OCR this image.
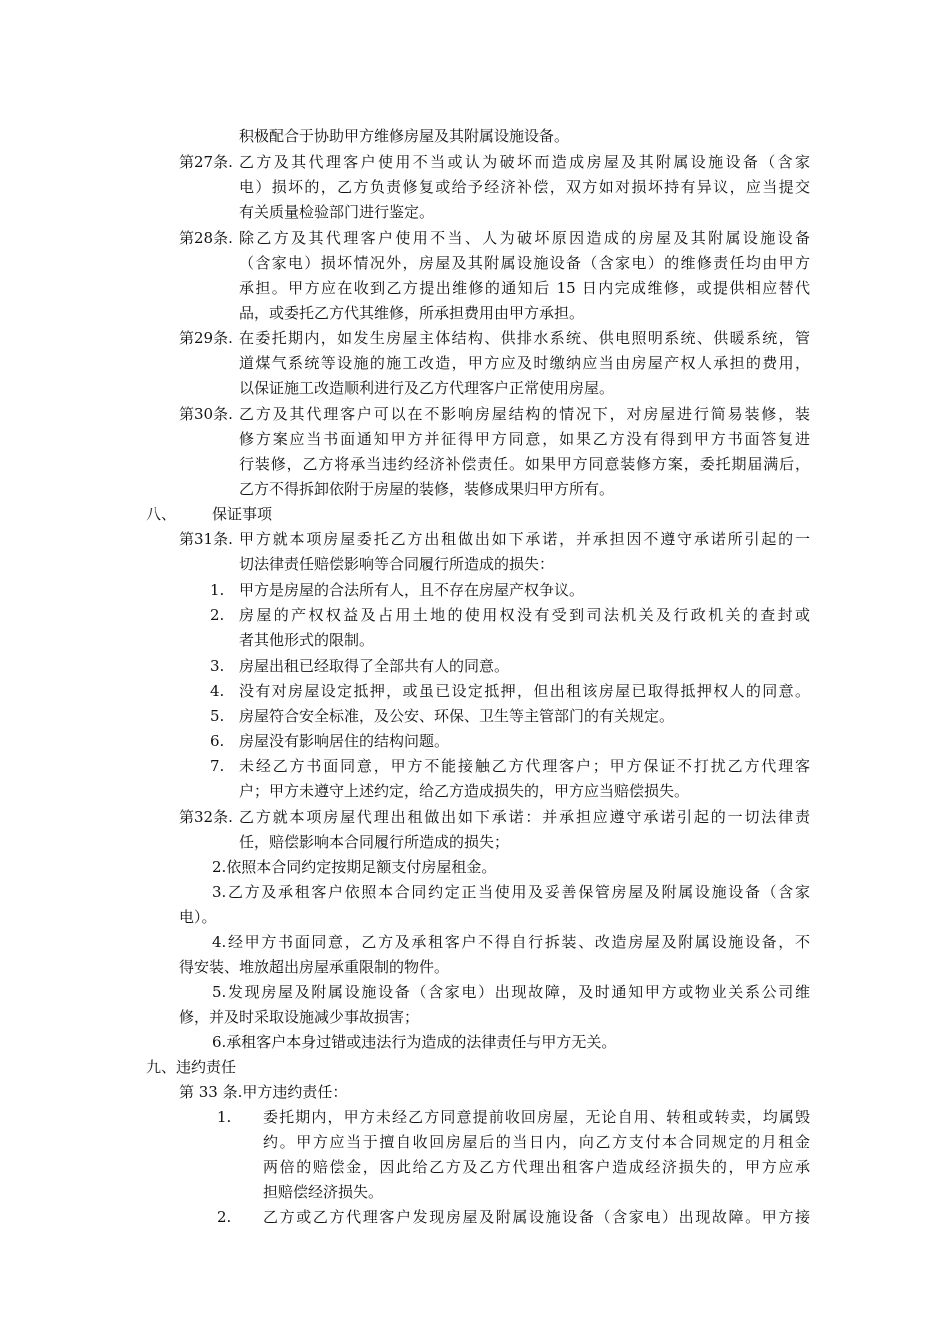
积极配合于协助甲方维修房屋及其附属设施设备。
第27条. 乙方及其代理客户使用不当或认为破坏而造成房屋及其附属设施设备（含家
电）损坏的，乙方负责修复或给予经济补偿，双方如对损坏持有异议，应当提交
有关质量检验部门进行鉴定。
第28条. 除乙方及其代理客户使用不当、人为破坏原因造成的房屋及其附属设施设备
（含家电）损坏情况外，房屋及其附属设施设备（含家电）的维修责任均由甲方
承担。甲方应在收到乙方提出维修的通知后 15 日内完成维修，或提供相应替代
品，或委托乙方代其维修，所承担费用由甲方承担。
第29条. 在委托期内，如发生房屋主体结构、供排水系统、供电照明系统、供暖系统，管
道煤气系统等设施的施工改造，甲方应及时缴纳应当由房屋产权人承担的费用，
以保证施工改造顺利进行及乙方代理客户正常使用房屋。
第30条. 乙方及其代理客户可以在不影响房屋结构的情况下，对房屋进行简易装修，装
修方案应当书面通知甲方并征得甲方同意，如果乙方没有得到甲方书面答复进
行装修，乙方将承当违约经济补偿责任。如果甲方同意装修方案，委托期届满后，
乙方不得拆卸依附于房屋的装修，装修成果归甲方所有。
八、 保证事项
第31条. 甲方就本项房屋委托乙方出租做出如下承诺，并承担因不遵守承诺所引起的一
切法律责任赔偿影响等合同履行所造成的损失：
1. 甲方是房屋的合法所有人，且不存在房屋产权争议。
2. 房屋的产权权益及占用土地的使用权没有受到司法机关及行政机关的查封或
者其他形式的限制。
3. 房屋出租已经取得了全部共有人的同意。
4. 没有对房屋设定抵押，或虽已设定抵押，但出租该房屋已取得抵押权人的同意。
5. 房屋符合安全标准，及公安、环保、卫生等主管部门的有关规定。
6. 房屋没有影响居住的结构问题。
7. 未经乙方书面同意，甲方不能接触乙方代理客户；甲方保证不打扰乙方代理客
户；甲方未遵守上述约定，给乙方造成损失的，甲方应当赔偿损失。
第32条. 乙方就本项房屋代理出租做出如下承诺：并承担应遵守承诺引起的一切法律责
任，赔偿影响本合同履行所造成的损失；
2.依照本合同约定按期足额支付房屋租金。
3.乙方及承租客户依照本合同约定正当使用及妥善保管房屋及附属设施设备（含家
电）。
4.经甲方书面同意，乙方及承租客户不得自行拆装、改造房屋及附属设施设备，不
得安装、堆放超出房屋承重限制的物件。
5.发现房屋及附属设施设备（含家电）出现故障，及时通知甲方或物业关系公司维
修，并及时采取设施减少事故损害；
6.承租客户本身过错或违法行为造成的法律责任与甲方无关。
九、违约责任
第 33 条.甲方违约责任：
1. 委托期内，甲方未经乙方同意提前收回房屋，无论自用、转租或转卖，均属毁
约。甲方应当于擅自收回房屋后的当日内，向乙方支付本合同规定的月租金
两倍的赔偿金，因此给乙方及乙方代理出租客户造成经济损失的，甲方应承
担赔偿经济损失。
2. 乙方或乙方代理客户发现房屋及附属设施设备（含家电）出现故障。甲方接
